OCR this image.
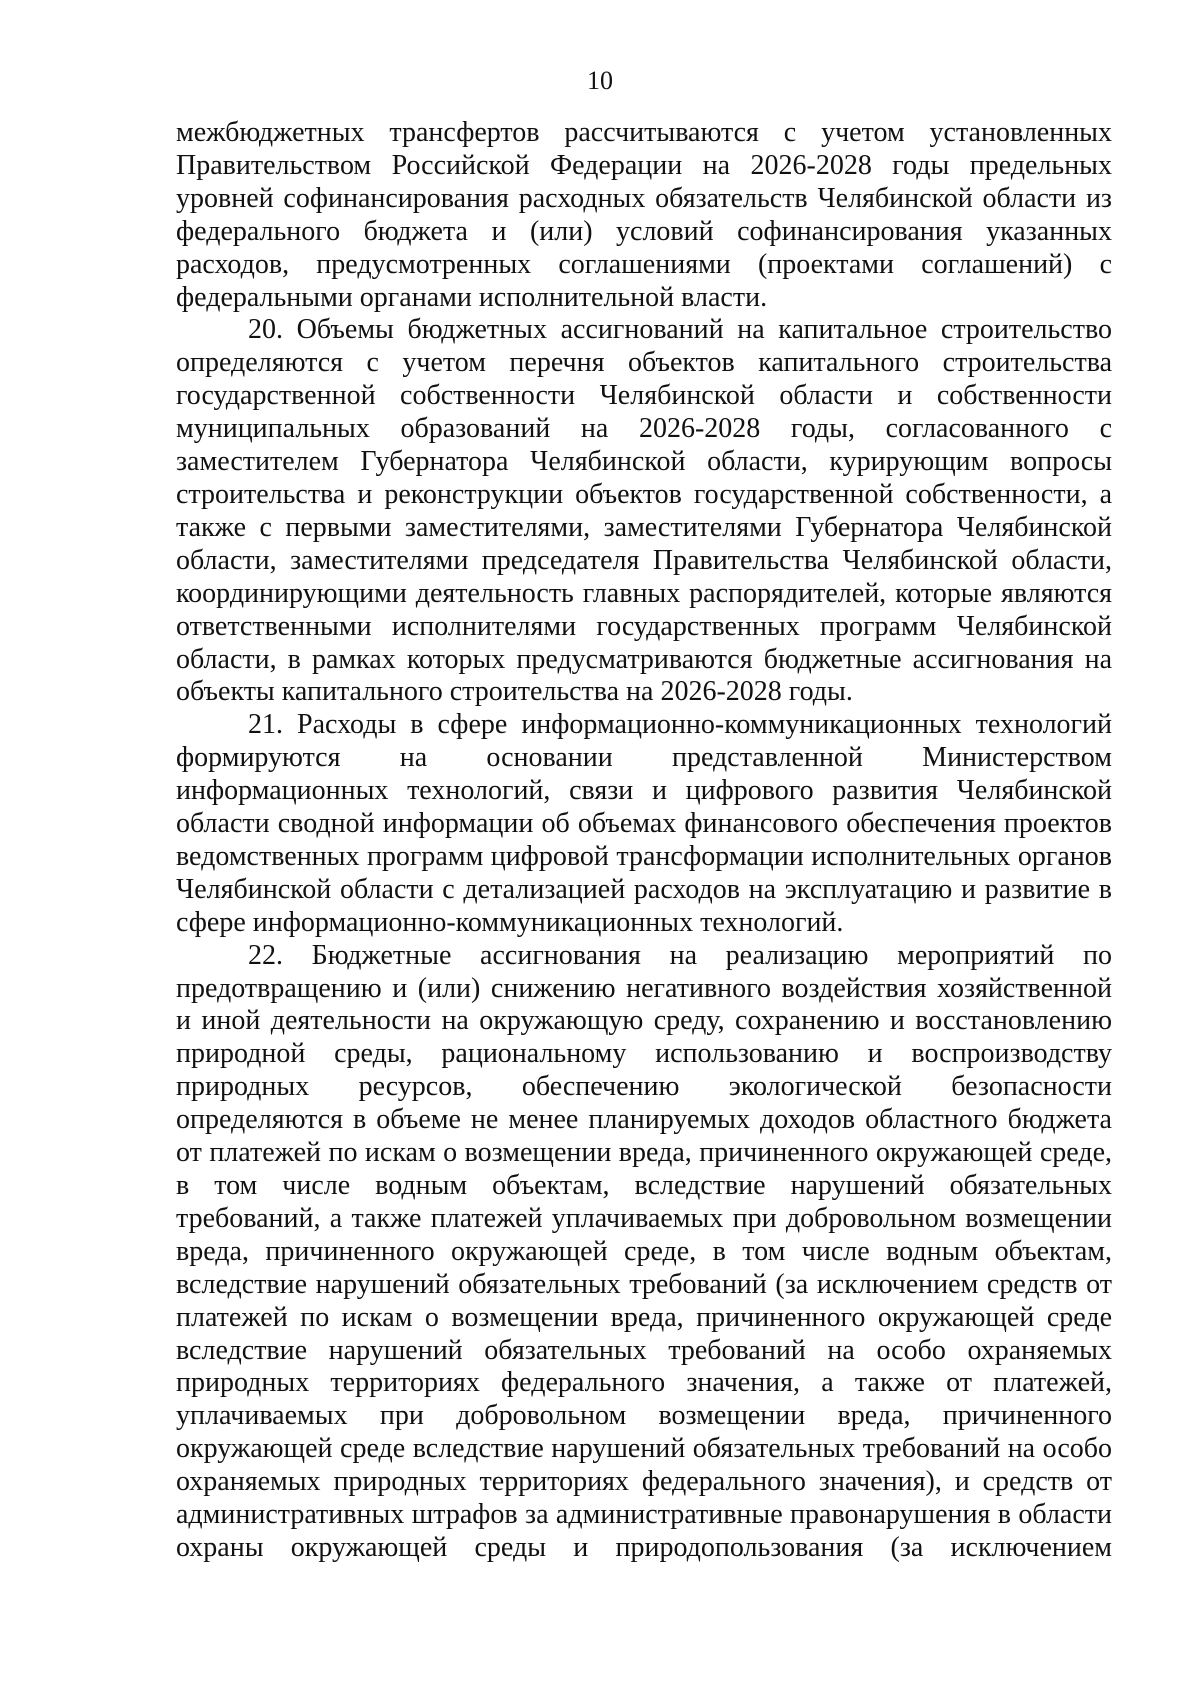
10

межбюджетных трансфертов рассчитываются с учетом установленных Правительством Российской Федерации на 2026-2028 годы предельных уровней софинансирования расходных обязательств Челябинской области из федерального бюджета и (или) условий софинансирования указанных расходов, предусмотренных соглашениями (проектами соглашений) с федеральными органами исполнительной власти.

20. Объемы бюджетных ассигнований на капитальное строительство определяются с учетом перечня объектов капитального строительства государственной собственности Челябинской области и собственности муниципальных образований на 2026-2028 годы, согласованного с заместителем Губернатора Челябинской области, курирующим вопросы строительства и реконструкции объектов государственной собственности, а также с первыми заместителями, заместителями Губернатора Челябинской области, заместителями председателя Правительства Челябинской области, координирующими деятельность главных распорядителей, которые являются ответственными исполнителями государственных программ Челябинской области, в рамках которых предусматриваются бюджетные ассигнования на объекты капитального строительства на 2026-2028 годы.

21. Расходы в сфере информационно-коммуникационных технологий формируются на основании представленной Министерством информационных технологий, связи и цифрового развития Челябинской области сводной информации об объемах финансового обеспечения проектов ведомственных программ цифровой трансформации исполнительных органов Челябинской области с детализацией расходов на эксплуатацию и развитие в сфере информационно-коммуникационных технологий.

22. Бюджетные ассигнования на реализацию мероприятий по предотвращению и (или) снижению негативного воздействия хозяйственной и иной деятельности на окружающую среду, сохранению и восстановлению природной среды, рациональному использованию и воспроизводству природных ресурсов, обеспечению экологической безопасности определяются в объеме не менее планируемых доходов областного бюджета от платежей по искам о возмещении вреда, причиненного окружающей среде, в том числе водным объектам, вследствие нарушений обязательных требований, а также платежей уплачиваемых при добровольном возмещении вреда, причиненного окружающей среде, в том числе водным объектам, вследствие нарушений обязательных требований (за исключением средств от платежей по искам о возмещении вреда, причиненного окружающей среде вследствие нарушений обязательных требований на особо охраняемых природных территориях федерального значения, а также от платежей, уплачиваемых при добровольном возмещении вреда, причиненного окружающей среде вследствие нарушений обязательных требований на особо охраняемых природных территориях федерального значения), и средств от административных штрафов за административные правонарушения в области охраны окружающей среды и природопользования (за исключением
